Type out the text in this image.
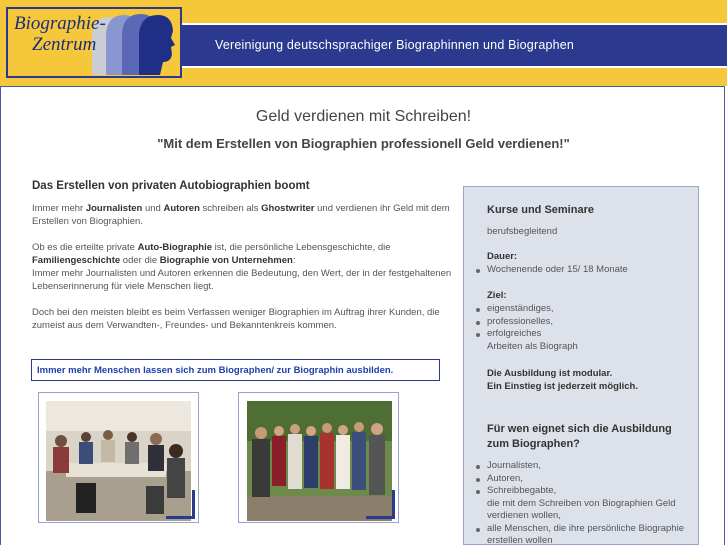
Biographie-
Zentrum	Vereinigung deutschsprachiger Biographinnen und Biographen
Geld verdienen mit Schreiben!
"Mit dem Erstellen von Biographien professionell Geld verdienen!"
Das Erstellen von privaten Autobiographien boomt
Immer mehr Journalisten und Autoren schreiben als Ghostwriter und verdienen ihr Geld mit dem Erstellen von Biographien.
Ob es die erteilte private Auto-Biographie ist, die persönliche Lebensgeschichte, die Familiengeschichte oder die Biographie von Unternehmen:
Immer mehr Journalisten und Autoren erkennen die Bedeutung, den Wert, der in der festgehaltenen Lebenserinnerung für viele Menschen liegt.
Doch bei den meisten bleibt es beim Verfassen weniger Biographien im Auftrag ihrer Kunden, die zumeist aus dem Verwandten-, Freundes- und Bekanntenkreis kommen.
Immer mehr Menschen lassen sich zum Biographen/ zur Biographin ausbilden.
Kurse und Seminare
berufsbegleitend
Dauer:
Wochenende oder 15/ 18 Monate
Ziel:
eigenständiges,
professionelles,
erfolgreiches
Arbeiten als Biograph
Die Ausbildung ist modular.
Ein Einstieg ist jederzeit möglich.
Für wen eignet sich die Ausbildung
zum Biographen?
Journalisten,
Autoren,
Schreibbegabte,
die mit dem Schreiben von Biographien Geld
verdienen wollen,
alle Menschen, die ihre persönliche Biographie
erstellen wollen
